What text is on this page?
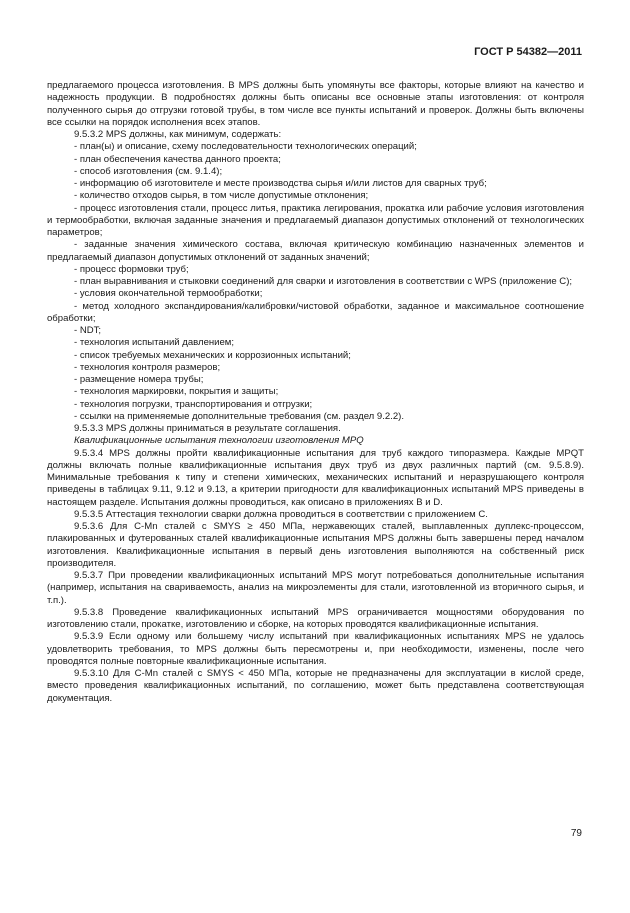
ГОСТ Р 54382—2011

предлагаемого процесса изготовления. В MPS должны быть упомянуты все факторы, которые влияют на качество и надежность продукции. В подробностях должны быть описаны все основные этапы изготовления: от контроля полученного сырья до отгрузки готовой трубы, в том числе все пункты испытаний и проверок. Должны быть включены все ссылки на порядок исполнения всех этапов.

9.5.3.2 MPS должны, как минимум, содержать:

- план(ы) и описание, схему последовательности технологических операций;

- план обеспечения качества данного проекта;

- способ изготовления (см. 9.1.4);

- информацию об изготовителе и месте производства сырья и/или листов для сварных труб;

- количество отходов сырья, в том числе допустимые отклонения;

- процесс изготовления стали, процесс литья, практика легирования, прокатка или рабочие условия изготовления и термообработки, включая заданные значения и предлагаемый диапазон допустимых отклонений от технологических параметров;

- заданные значения химического состава, включая критическую комбинацию назначенных элементов и предлагаемый диапазон допустимых отклонений от заданных значений;

- процесс формовки труб;

- план выравнивания и стыковки соединений для сварки и изготовления в соответствии с WPS (приложение С);

- условия окончательной термообработки;

- метод холодного экспандирования/калибровки/чистовой обработки, заданное и максимальное соотношение обработки;

- NDT;

- технология испытаний давлением;

- список требуемых механических и коррозионных испытаний;

- технология контроля размеров;

- размещение номера трубы;

- технология маркировки, покрытия и защиты;

- технология погрузки, транспортирования и отгрузки;

- ссылки на применяемые дополнительные требования (см. раздел 9.2.2).

9.5.3.3 MPS должны приниматься в результате соглашения.

Квалификационные испытания технологии изготовления MPQ

9.5.3.4 MPS должны пройти квалификационные испытания для труб каждого типоразмера. Каждые MPQT должны включать полные квалификационные испытания двух труб из двух различных партий (см. 9.5.8.9). Минимальные требования к типу и степени химических, механических испытаний и неразрушающего контроля приведены в таблицах 9.11, 9.12 и 9.13, а критерии пригодности для квалификационных испытаний MPS приведены в настоящем разделе. Испытания должны проводиться, как описано в приложениях В и D.

9.5.3.5 Аттестация технологии сварки должна проводиться в соответствии с приложением С.

9.5.3.6 Для C-Mn сталей с SMYS ≥ 450 МПа, нержавеющих сталей, выплавленных дуплекс-процессом, плакированных и футерованных сталей квалификационные испытания MPS должны быть завершены перед началом изготовления. Квалификационные испытания в первый день изготовления выполняются на собственный риск производителя.

9.5.3.7 При проведении квалификационных испытаний MPS могут потребоваться дополнительные испытания (например, испытания на свариваемость, анализ на микроэлементы для стали, изготовленной из вторичного сырья, и т.п.).

9.5.3.8 Проведение квалификационных испытаний MPS ограничивается мощностями оборудования по изготовлению стали, прокатке, изготовлению и сборке, на которых проводятся квалификационные испытания.

9.5.3.9 Если одному или большему числу испытаний при квалификационных испытаниях MPS не удалось удовлетворить требования, то MPS должны быть пересмотрены и, при необходимости, изменены, после чего проводятся полные повторные квалификационные испытания.

9.5.3.10 Для C-Mn сталей с SMYS < 450 МПа, которые не предназначены для эксплуатации в кислой среде, вместо проведения квалификационных испытаний, по соглашению, может быть представлена соответствующая документация.

79
